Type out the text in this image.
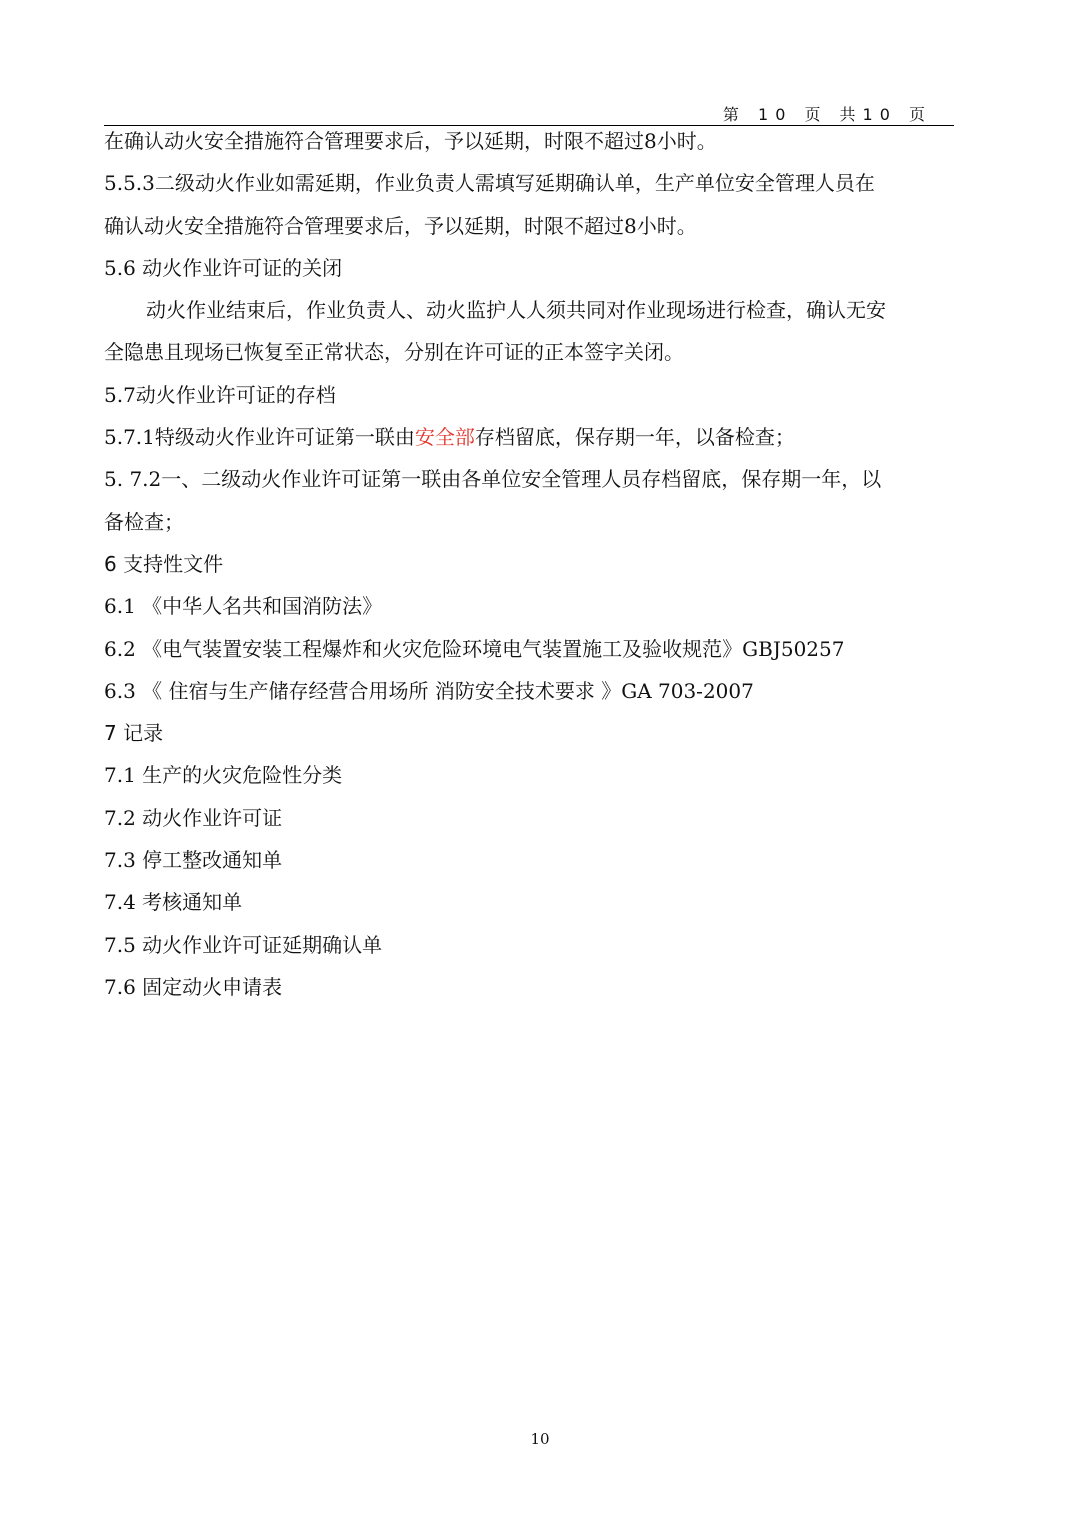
第 10 页 共10 页
在确认动火安全措施符合管理要求后，予以延期，时限不超过8小时。
5.5.3二级动火作业如需延期，作业负责人需填写延期确认单，生产单位安全管理人员在
确认动火安全措施符合管理要求后，予以延期，时限不超过8小时。
5.6 动火作业许可证的关闭
动火作业结束后，作业负责人、动火监护人人须共同对作业现场进行检查，确认无安
全隐患且现场已恢复至正常状态，分别在许可证的正本签字关闭。
5.7动火作业许可证的存档
5.7.1特级动火作业许可证第一联由安全部存档留底，保存期一年，以备检查；
5. 7.2一、二级动火作业许可证第一联由各单位安全管理人员存档留底，保存期一年，以
备检查；
6 支持性文件
6.1 《中华人名共和国消防法》
6.2 《电气装置安装工程爆炸和火灾危险环境电气装置施工及验收规范》GBJ50257
6.3 《 住宿与生产储存经营合用场所 消防安全技术要求 》GA 703-2007
7 记录
7.1 生产的火灾危险性分类
7.2 动火作业许可证
7.3 停工整改通知单
7.4 考核通知单
7.5 动火作业许可证延期确认单
7.6 固定动火申请表
10
